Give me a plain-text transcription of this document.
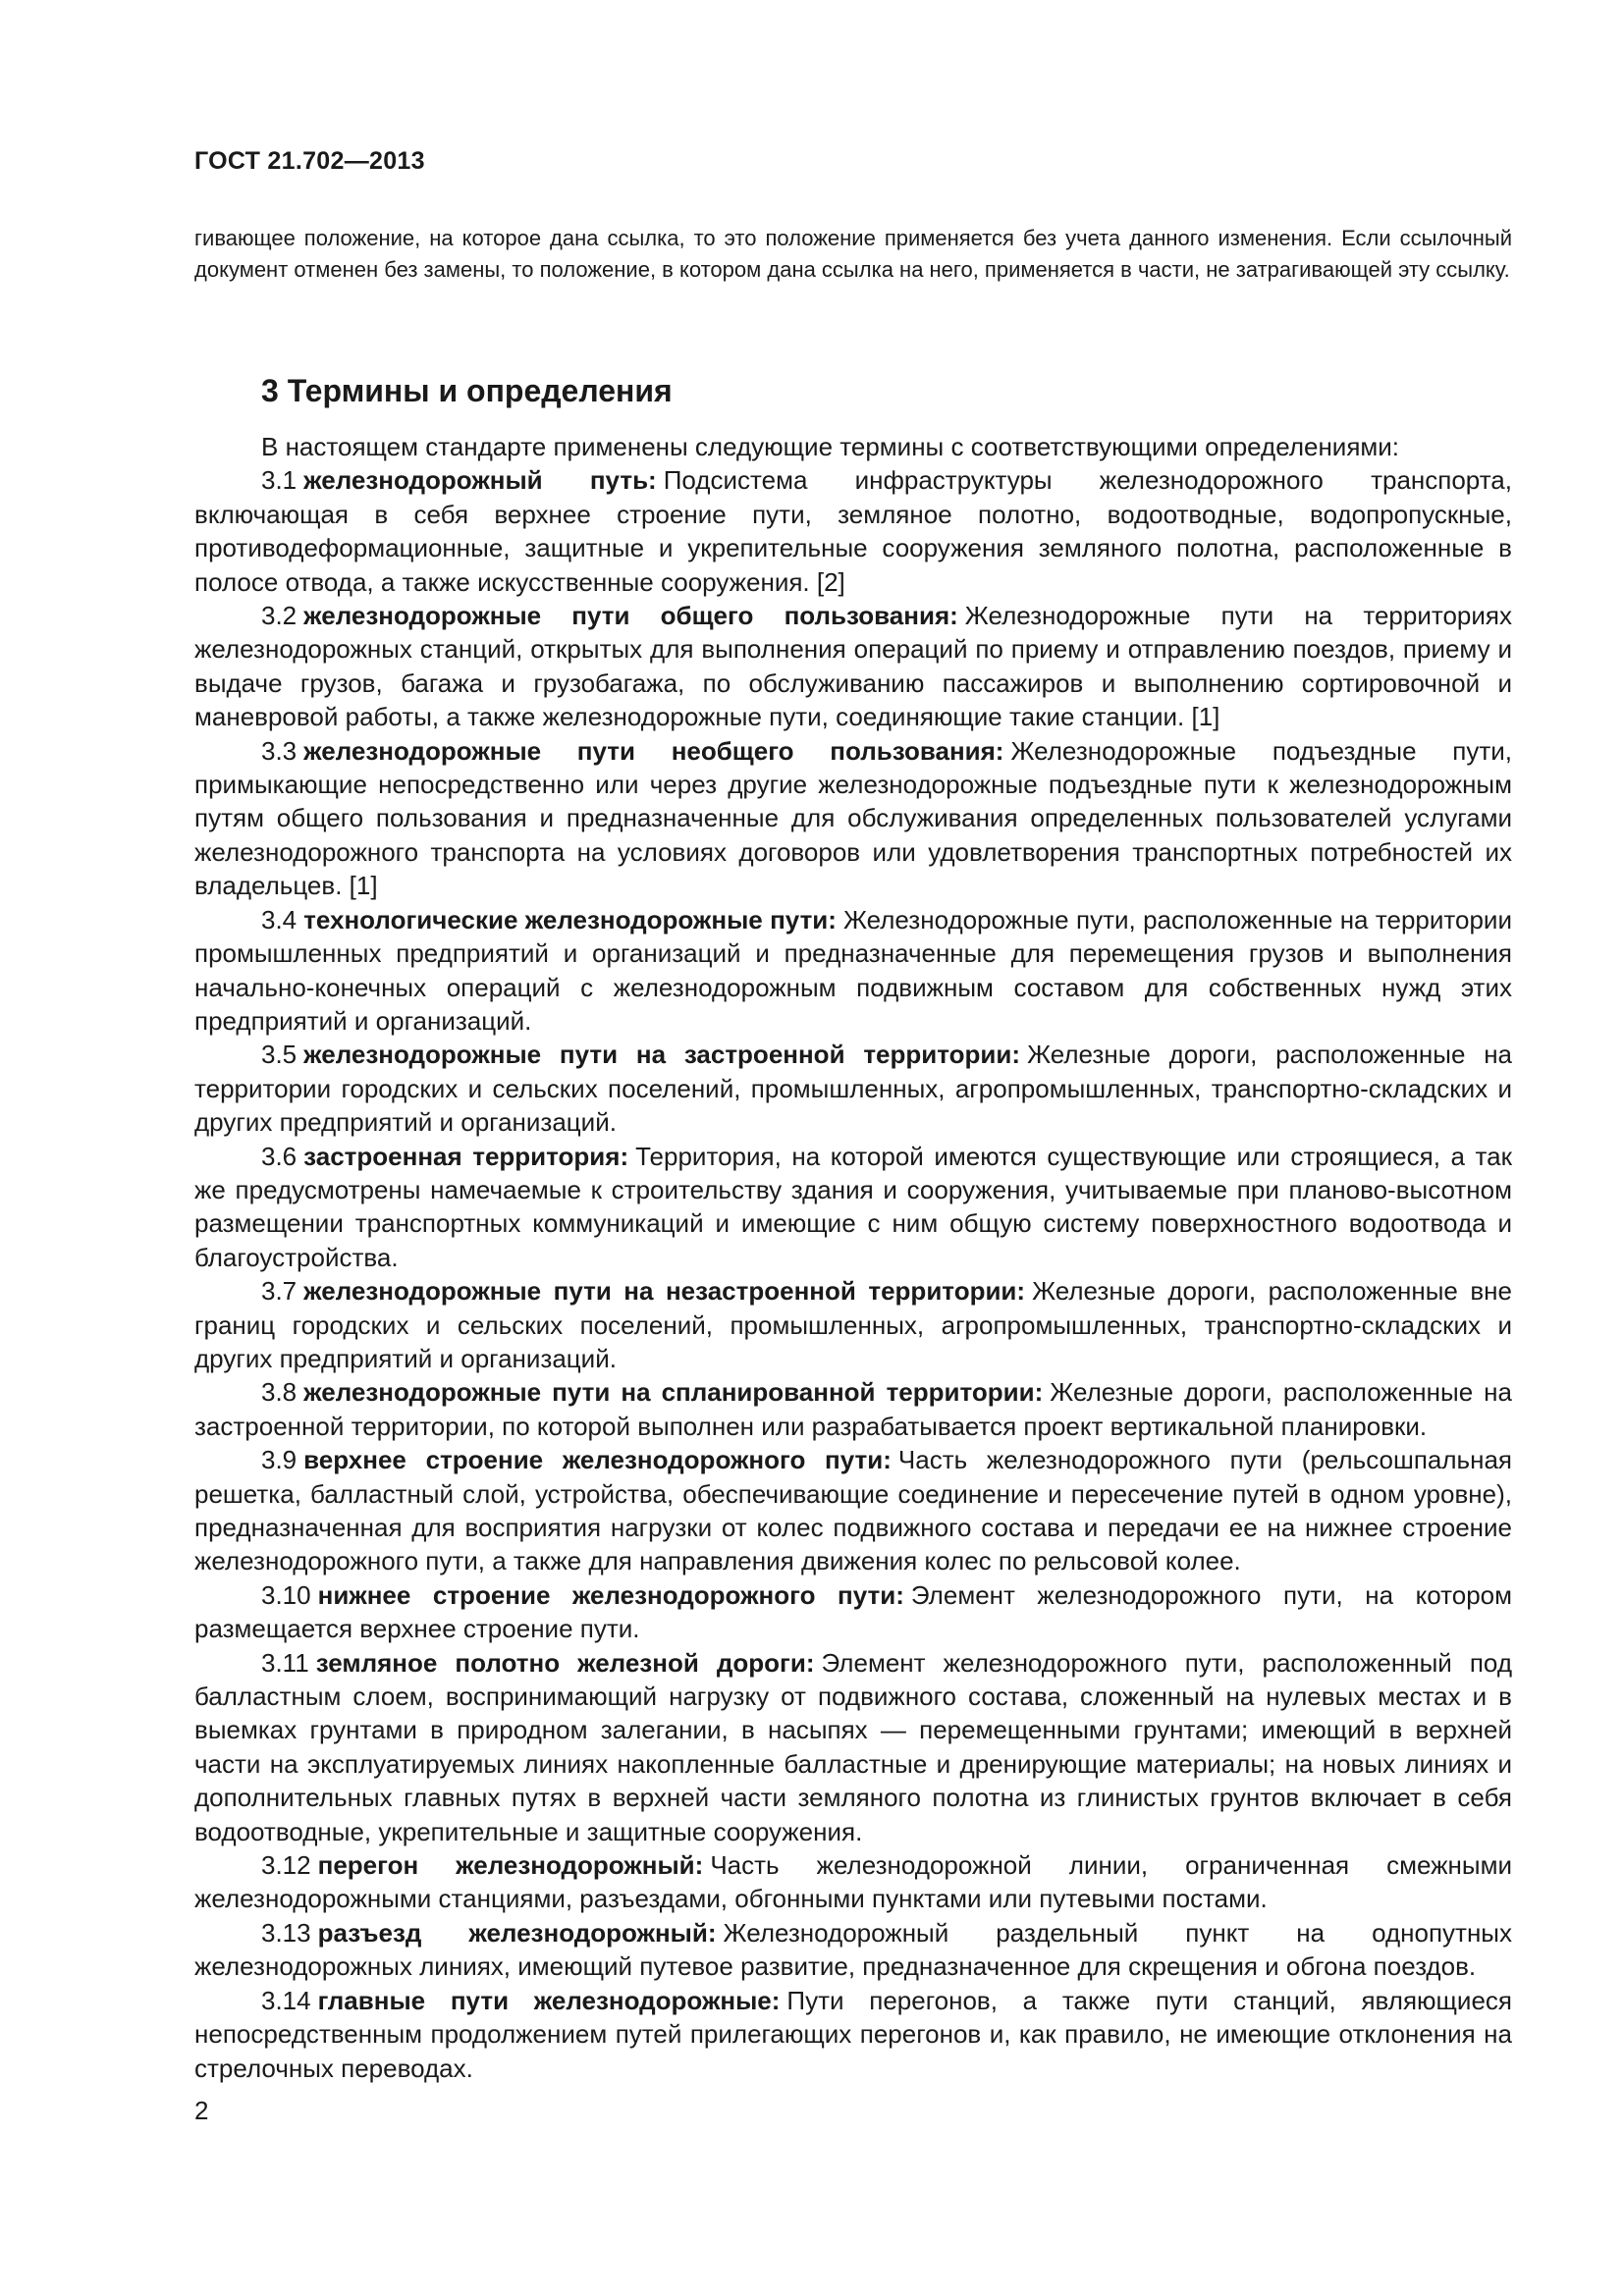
ГОСТ 21.702—2013
гивающее положение, на которое дана ссылка, то это положение применяется без учета данного изменения. Если ссылочный документ отменен без замены, то положение, в котором дана ссылка на него, применяется в части, не затрагивающей эту ссылку.
3 Термины и определения

В настоящем стандарте применены следующие термины с соответствующими определениями:

3.1 железнодорожный путь: Подсистема инфраструктуры железнодорожного транспорта, включающая в себя верхнее строение пути, земляное полотно, водоотводные, водопропускные, противодеформационные, защитные и укрепительные сооружения земляного полотна, расположенные в полосе отвода, а также искусственные сооружения. [2]

3.2 железнодорожные пути общего пользования: Железнодорожные пути на территориях железнодорожных станций, открытых для выполнения операций по приему и отправлению поездов, приему и выдаче грузов, багажа и грузобагажа, по обслуживанию пассажиров и выполнению сортировочной и маневровой работы, а также железнодорожные пути, соединяющие такие станции. [1]

3.3 железнодорожные пути необщего пользования: Железнодорожные подъездные пути, примыкающие непосредственно или через другие железнодорожные подъездные пути к железнодорожным путям общего пользования и предназначенные для обслуживания определенных пользователей услугами железнодорожного транспорта на условиях договоров или удовлетворения транспортных потребностей их владельцев. [1]

3.4 технологические железнодорожные пути: Железнодорожные пути, расположенные на территории промышленных предприятий и организаций и предназначенные для перемещения грузов и выполнения начально-конечных операций с железнодорожным подвижным составом для собственных нужд этих предприятий и организаций.

3.5 железнодорожные пути на застроенной территории: Железные дороги, расположенные на территории городских и сельских поселений, промышленных, агропромышленных, транспортно-складских и других предприятий и организаций.

3.6 застроенная территория: Территория, на которой имеются существующие или строящиеся, а так же предусмотрены намечаемые к строительству здания и сооружения, учитываемые при планово-высотном размещении транспортных коммуникаций и имеющие с ним общую систему поверхностного водоотвода и благоустройства.

3.7 железнодорожные пути на незастроенной территории: Железные дороги, расположенные вне границ городских и сельских поселений, промышленных, агропромышленных, транспортно-складских и других предприятий и организаций.

3.8 железнодорожные пути на спланированной территории: Железные дороги, расположенные на застроенной территории, по которой выполнен или разрабатывается проект вертикальной планировки.

3.9 верхнее строение железнодорожного пути: Часть железнодорожного пути (рельсошпальная решетка, балластный слой, устройства, обеспечивающие соединение и пересечение путей в одном уровне), предназначенная для восприятия нагрузки от колес подвижного состава и передачи ее на нижнее строение железнодорожного пути, а также для направления движения колес по рельсовой колее.

3.10 нижнее строение железнодорожного пути: Элемент железнодорожного пути, на котором размещается верхнее строение пути.

3.11 земляное полотно железной дороги: Элемент железнодорожного пути, расположенный под балластным слоем, воспринимающий нагрузку от подвижного состава, сложенный на нулевых местах и в выемках грунтами в природном залегании, в насыпях — перемещенными грунтами; имеющий в верхней части на эксплуатируемых линиях накопленные балластные и дренирующие материалы; на новых линиях и дополнительных главных путях в верхней части земляного полотна из глинистых грунтов включает в себя водоотводные, укрепительные и защитные сооружения.

3.12 перегон железнодорожный: Часть железнодорожной линии, ограниченная смежными железнодорожными станциями, разъездами, обгонными пунктами или путевыми постами.

3.13 разъезд железнодорожный: Железнодорожный раздельный пункт на однопутных железнодорожных линиях, имеющий путевое развитие, предназначенное для скрещения и обгона поездов.

3.14 главные пути железнодорожные: Пути перегонов, а также пути станций, являющиеся непосредственным продолжением путей прилегающих перегонов и, как правило, не имеющие отклонения на стрелочных переводах.

2
